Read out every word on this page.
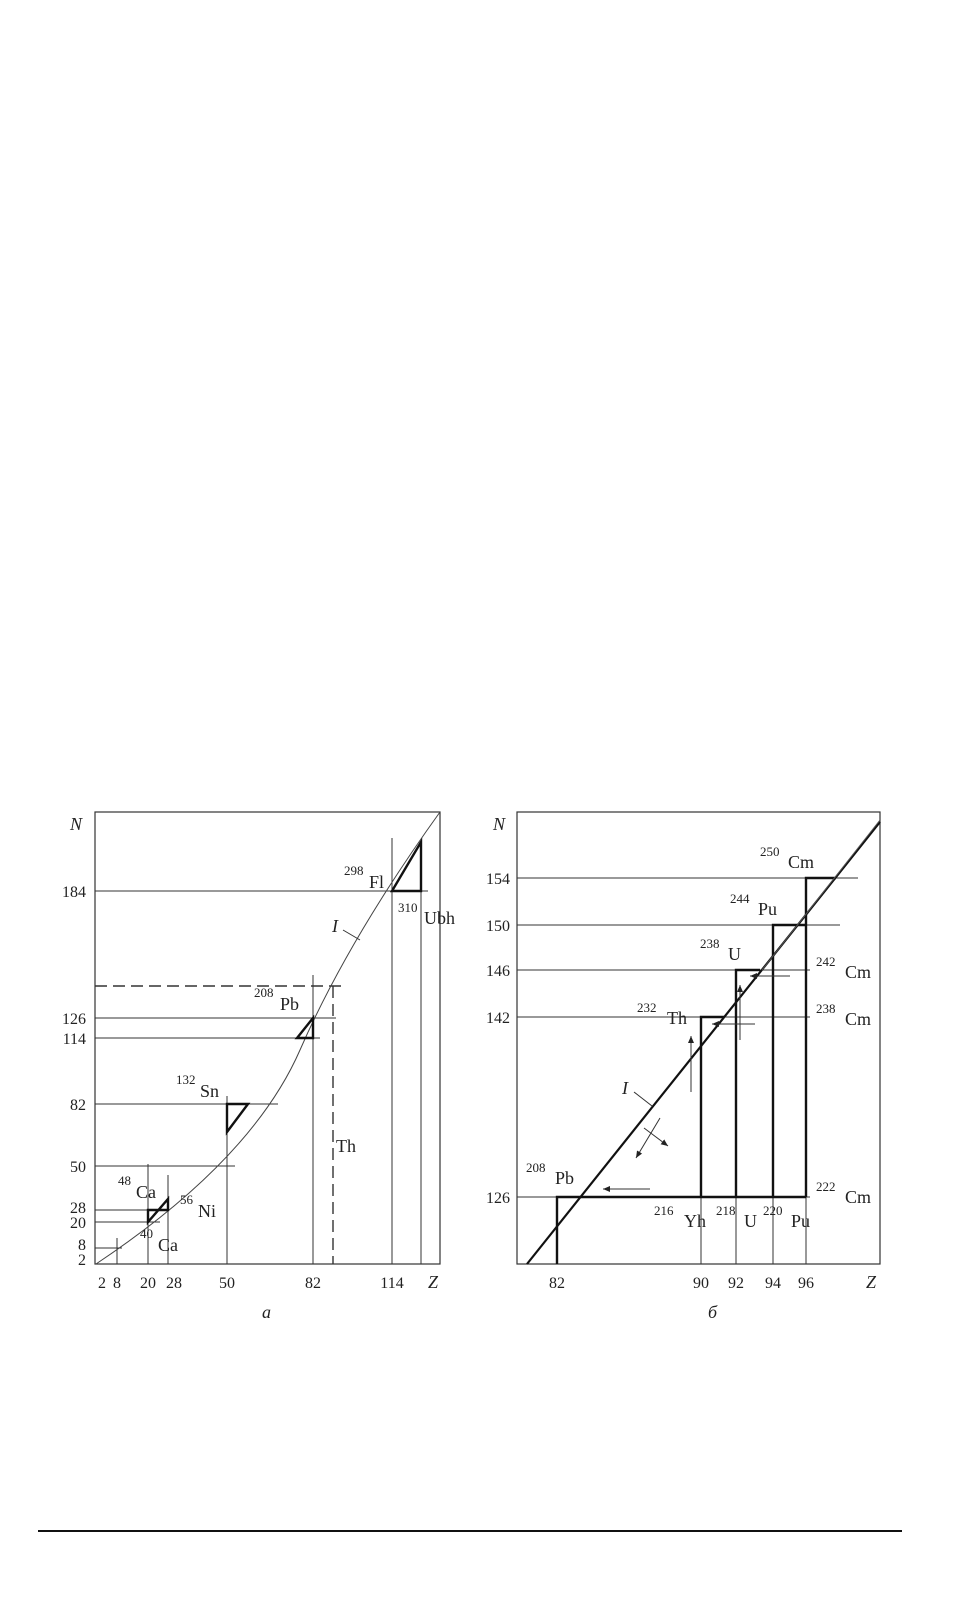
I
N
Z
а
184
126
114
82
50
28
20
8
2
2 8 20 28 50	82	114
298
Fl
310
Ubh
208
Pb
132
Sn
48
Ca 56
Ni
40
Ca
Th
I
N
Z
б
154
150
146
142
126
82	90 92 94 96
250
Cm
244
Pu
238
U	242
Cm
232
Th	238
Cm
208
Pb	222
Cm
216
Yh
218
U
220
Pu
